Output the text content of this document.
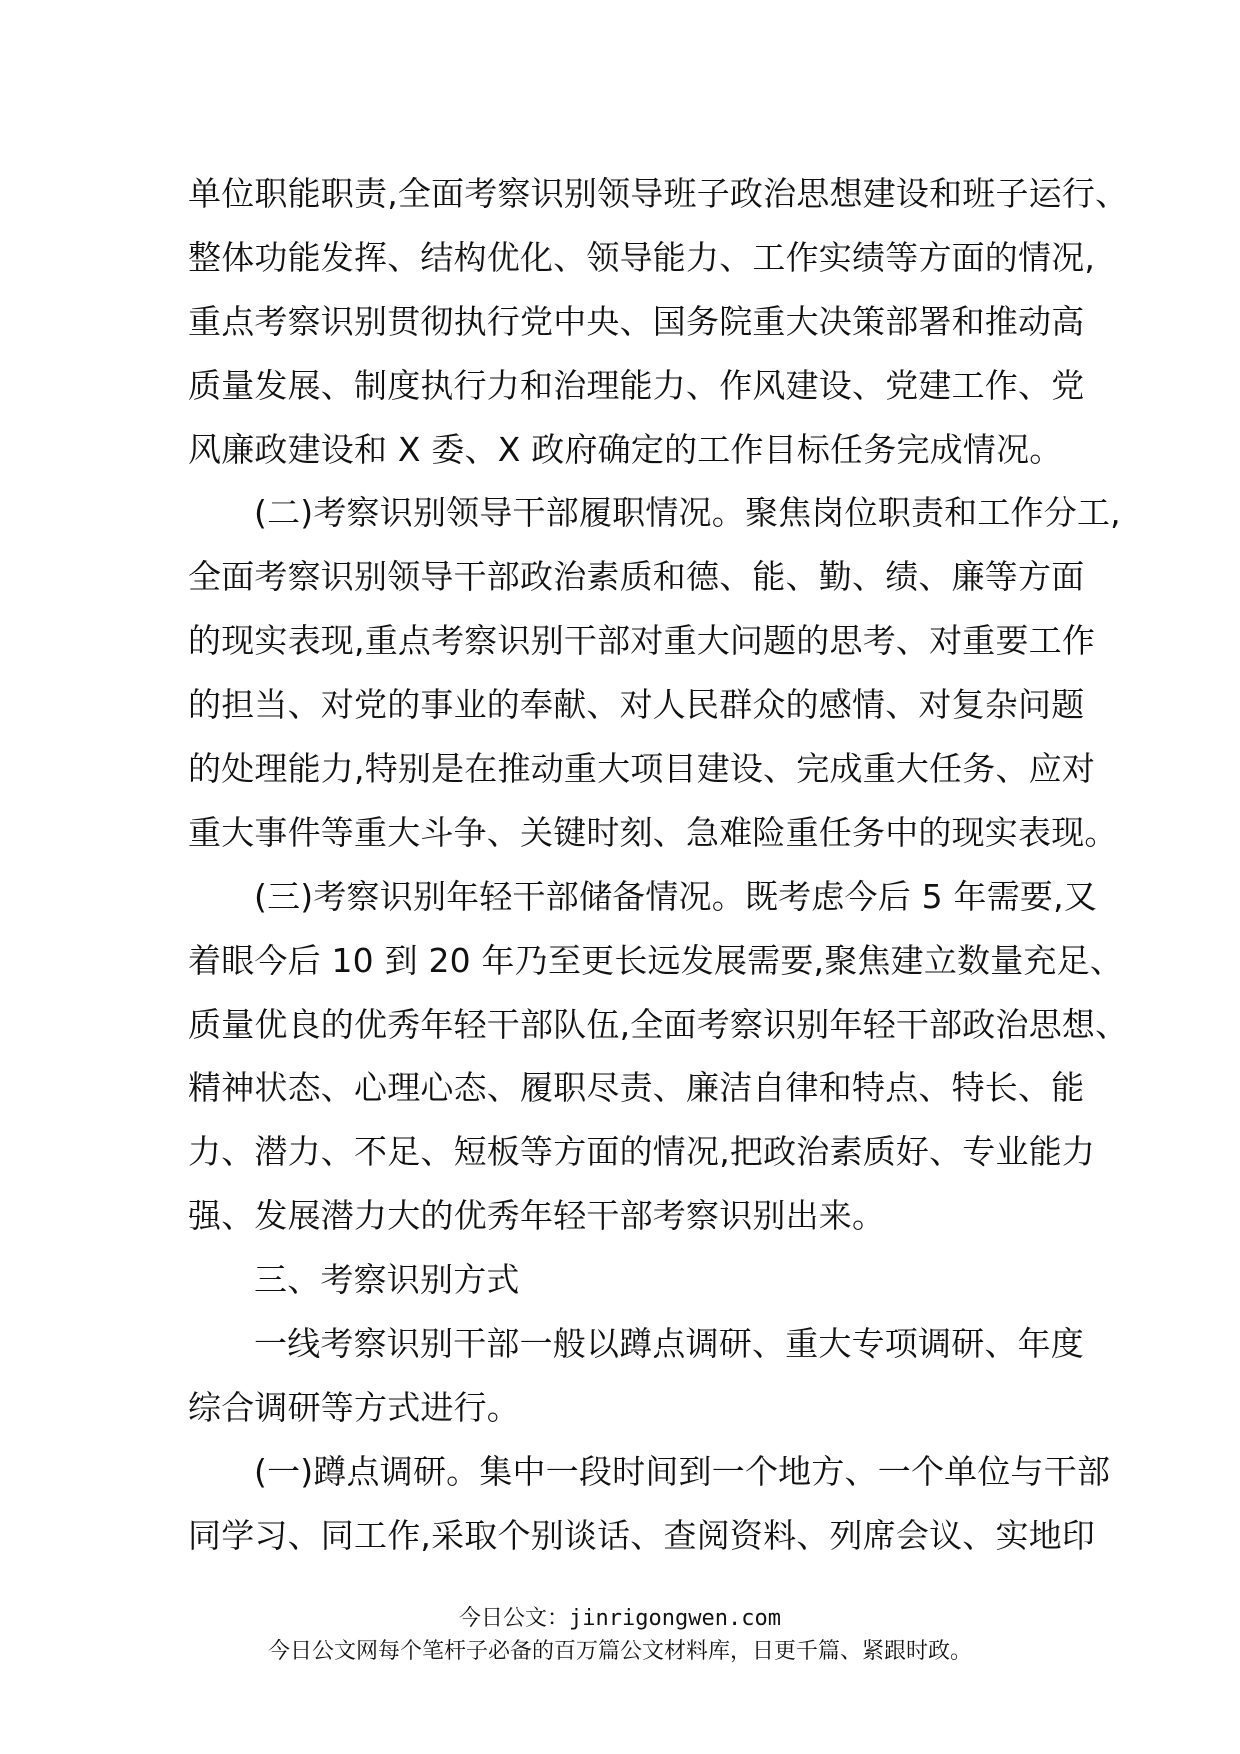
单位职能职责,全面考察识别领导班子政治思想建设和班子运行、
整体功能发挥、结构优化、领导能力、工作实绩等方面的情况,
重点考察识别贯彻执行党中央、国务院重大决策部署和推动高
质量发展、制度执行力和治理能力、作风建设、党建工作、党
风廉政建设和 X 委、X 政府确定的工作目标任务完成情况。
(二)考察识别领导干部履职情况。聚焦岗位职责和工作分工,
全面考察识别领导干部政治素质和德、能、勤、绩、廉等方面
的现实表现,重点考察识别干部对重大问题的思考、对重要工作
的担当、对党的事业的奉献、对人民群众的感情、对复杂问题
的处理能力,特别是在推动重大项目建设、完成重大任务、应对
重大事件等重大斗争、关键时刻、急难险重任务中的现实表现。
(三)考察识别年轻干部储备情况。既考虑今后 5 年需要,又
着眼今后 10 到 20 年乃至更长远发展需要,聚焦建立数量充足、
质量优良的优秀年轻干部队伍,全面考察识别年轻干部政治思想、
精神状态、心理心态、履职尽责、廉洁自律和特点、特长、能
力、潜力、不足、短板等方面的情况,把政治素质好、专业能力
强、发展潜力大的优秀年轻干部考察识别出来。
三、考察识别方式
一线考察识别干部一般以蹲点调研、重大专项调研、年度
综合调研等方式进行。
(一)蹲点调研。集中一段时间到一个地方、一个单位与干部
同学习、同工作,采取个别谈话、查阅资料、列席会议、实地印
今日公文：jinrigongwen.com
今日公文网每个笔杆子必备的百万篇公文材料库，日更千篇、紧跟时政。
